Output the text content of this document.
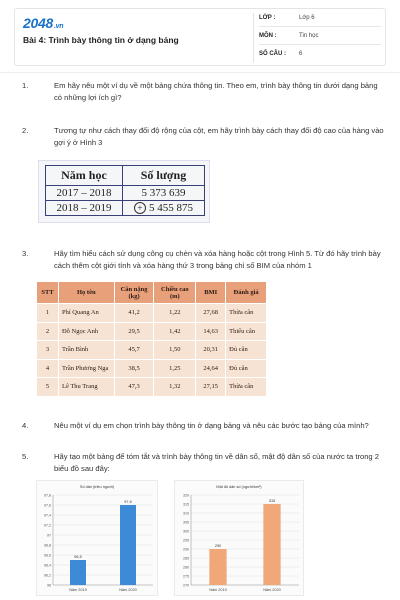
2048.vn
Bài 4: Trình bày thông tin ở dạng bảng
LỚP :	Lớp 6
MÔN :	Tin học
SỐ CÂU : 6
1.	Em hãy nêu một ví dụ về một bảng chứa thông tin. Theo em, trình bày thông tin dưới dạng bảng có những lợi ích gì?
2.	Tương tự như cách thay đổi độ rộng của cột, em hãy trình bày cách thay đổi độ cao của hàng vào gợi ý ở Hình 3
Năm học	Số lượng
2017 – 2018	5 373 639
2018 – 2019	+ 5 455 875
3.	Hãy tìm hiểu cách sử dụng công cụ chèn và xóa hàng hoặc cột trong Hình 5. Từ đó hãy trình bày cách thêm cột giới tính và xóa hàng thứ 3 trong bảng chỉ số BIM của nhóm 1
STT	Họ tên	Cân nặng (kg)	Chiều cao (m)	BMI	Đánh giá
1	Phí Quang An	41,2	1,22	27,68	Thừa cân
2	Đỗ Ngọc Anh	29,5	1,42	14,63	Thiếu cân
3	Trần Bình	45,7	1,50	20,31	Đủ cân
4	Trần Phương Nga	38,5	1,25	24,64	Đủ cân
5	Lê Thu Trang	47,3	1,32	27,15	Thừa cân
4.	Nêu một ví dụ em chọn trình bày thông tin ở dạng bảng và nêu các bước tạo bảng của mình?
5.	Hãy tạo một bảng để tóm tắt và trình bày thông tin về dân số, mật độ dân số của nước ta trong 2 biểu đồ sau đây:
96
96,2
96,4
96,6
96,8
97
97,2
97,4
97,6
97,8
96,5
Năm 2019
97,6
Năm 2020
Số dân (triệu người)
270
275
280
285
290
295
300
305
310
315
320
290
Năm 2019
315
Năm 2020
Mật độ dân số (người/km²)
